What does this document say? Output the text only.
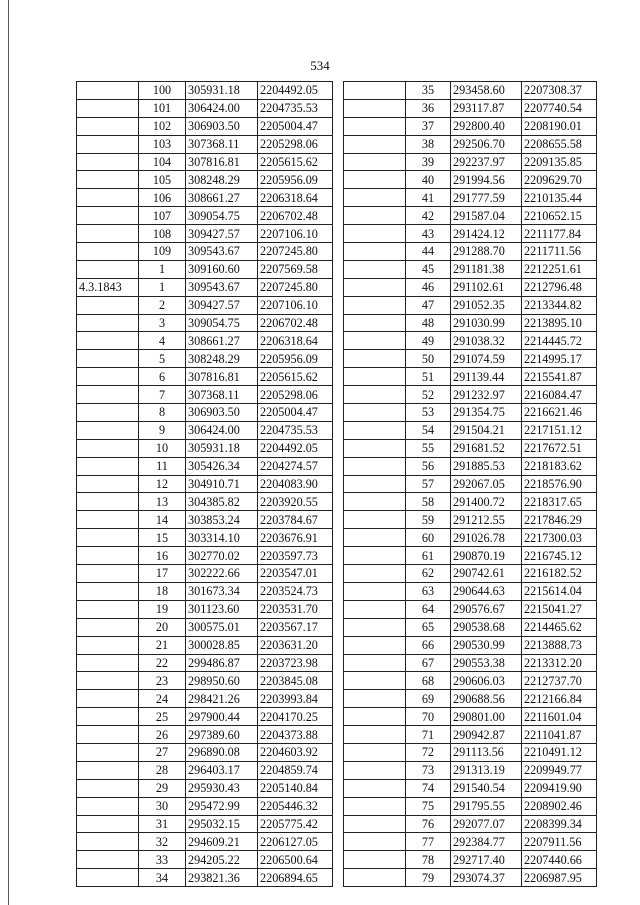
534
	100	305931.18	2204492.05
	101	306424.00	2204735.53
	102	306903.50	2205004.47
	103	307368.11	2205298.06
	104	307816.81	2205615.62
	105	308248.29	2205956.09
	106	308661.27	2206318.64
	107	309054.75	2206702.48
	108	309427.57	2207106.10
	109	309543.67	2207245.80
	1	309160.60	2207569.58
4.3.1843	1	309543.67	2207245.80
	2	309427.57	2207106.10
	3	309054.75	2206702.48
	4	308661.27	2206318.64
	5	308248.29	2205956.09
	6	307816.81	2205615.62
	7	307368.11	2205298.06
	8	306903.50	2205004.47
	9	306424.00	2204735.53
	10	305931.18	2204492.05
	11	305426.34	2204274.57
	12	304910.71	2204083.90
	13	304385.82	2203920.55
	14	303853.24	2203784.67
	15	303314.10	2203676.91
	16	302770.02	2203597.73
	17	302222.66	2203547.01
	18	301673.34	2203524.73
	19	301123.60	2203531.70
	20	300575.01	2203567.17
	21	300028.85	2203631.20
	22	299486.87	2203723.98
	23	298950.60	2203845.08
	24	298421.26	2203993.84
	25	297900.44	2204170.25
	26	297389.60	2204373.88
	27	296890.08	2204603.92
	28	296403.17	2204859.74
	29	295930.43	2205140.84
	30	295472.99	2205446.32
	31	295032.15	2205775.42
	32	294609.21	2206127.05
	33	294205.22	2206500.64
	34	293821.36	2206894.65
	35	293458.60	2207308.37
	36	293117.87	2207740.54
	37	292800.40	2208190.01
	38	292506.70	2208655.58
	39	292237.97	2209135.85
	40	291994.56	2209629.70
	41	291777.59	2210135.44
	42	291587.04	2210652.15
	43	291424.12	2211177.84
	44	291288.70	2211711.56
	45	291181.38	2212251.61
	46	291102.61	2212796.48
	47	291052.35	2213344.82
	48	291030.99	2213895.10
	49	291038.32	2214445.72
	50	291074.59	2214995.17
	51	291139.44	2215541.87
	52	291232.97	2216084.47
	53	291354.75	2216621.46
	54	291504.21	2217151.12
	55	291681.52	2217672.51
	56	291885.53	2218183.62
	57	292067.05	2218576.90
	58	291400.72	2218317.65
	59	291212.55	2217846.29
	60	291026.78	2217300.03
	61	290870.19	2216745.12
	62	290742.61	2216182.52
	63	290644.63	2215614.04
	64	290576.67	2215041.27
	65	290538.68	2214465.62
	66	290530.99	2213888.73
	67	290553.38	2213312.20
	68	290606.03	2212737.70
	69	290688.56	2212166.84
	70	290801.00	2211601.04
	71	290942.87	2211041.87
	72	291113.56	2210491.12
	73	291313.19	2209949.77
	74	291540.54	2209419.90
	75	291795.55	2208902.46
	76	292077.07	2208399.34
	77	292384.77	2207911.56
	78	292717.40	2207440.66
	79	293074.37	2206987.95
